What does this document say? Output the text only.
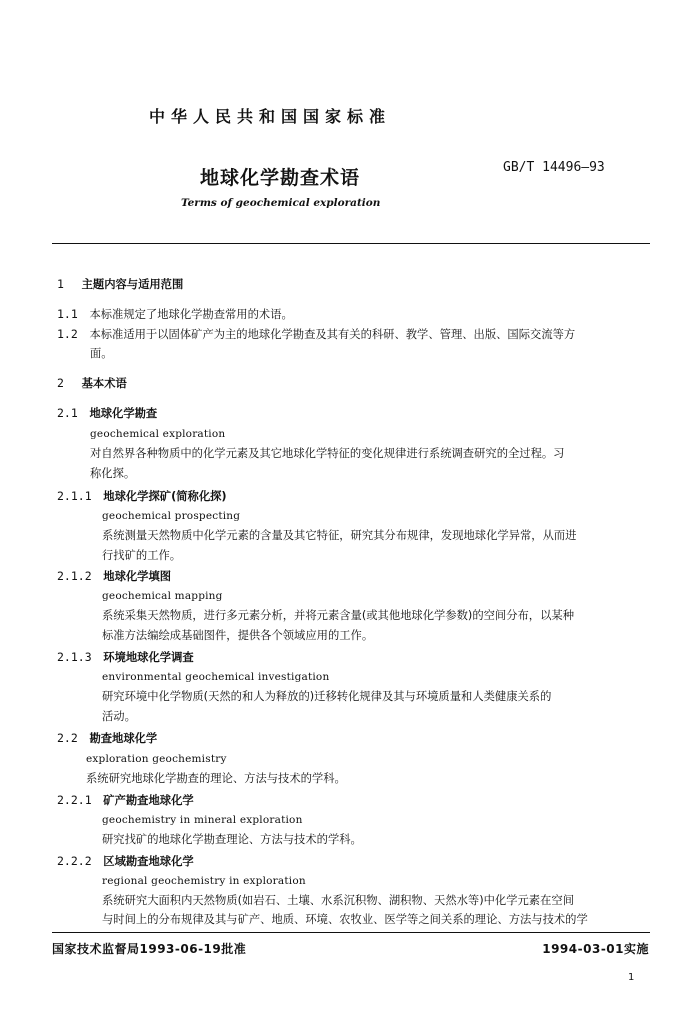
中华人民共和国国家标准
地球化学勘查术语	GB/T 14496—93
Terms of geochemical exploration
1 主题内容与适用范围
1.1 本标准规定了地球化学勘查常用的术语。
1.2 本标准适用于以固体矿产为主的地球化学勘查及其有关的科研、教学、管理、出版、国际交流等方
面。
2 基本术语
2.1 地球化学勘查
geochemical exploration
对自然界各种物质中的化学元素及其它地球化学特征的变化规律进行系统调查研究的全过程。习
称化探。
2.1.1 地球化学探矿(简称化探)
geochemical prospecting
系统测量天然物质中化学元素的含量及其它特征，研究其分布规律，发现地球化学异常，从而进
行找矿的工作。
2.1.2 地球化学填图
geochemical mapping
系统采集天然物质，进行多元素分析，并将元素含量(或其他地球化学参数)的空间分布，以某种
标准方法编绘成基础图件，提供各个领域应用的工作。
2.1.3 环境地球化学调查
environmental geochemical investigation
研究环境中化学物质(天然的和人为释放的)迁移转化规律及其与环境质量和人类健康关系的
活动。
2.2 勘查地球化学
exploration geochemistry
系统研究地球化学勘查的理论、方法与技术的学科。
2.2.1 矿产勘查地球化学
geochemistry in mineral exploration
研究找矿的地球化学勘查理论、方法与技术的学科。
2.2.2 区域勘查地球化学
regional geochemistry in exploration
系统研究大面积内天然物质(如岩石、土壤、水系沉积物、湖积物、天然水等)中化学元素在空间
与时间上的分布规律及其与矿产、地质、环境、农牧业、医学等之间关系的理论、方法与技术的学
国家技术监督局1993-06-19批准	1994-03-01实施
1
